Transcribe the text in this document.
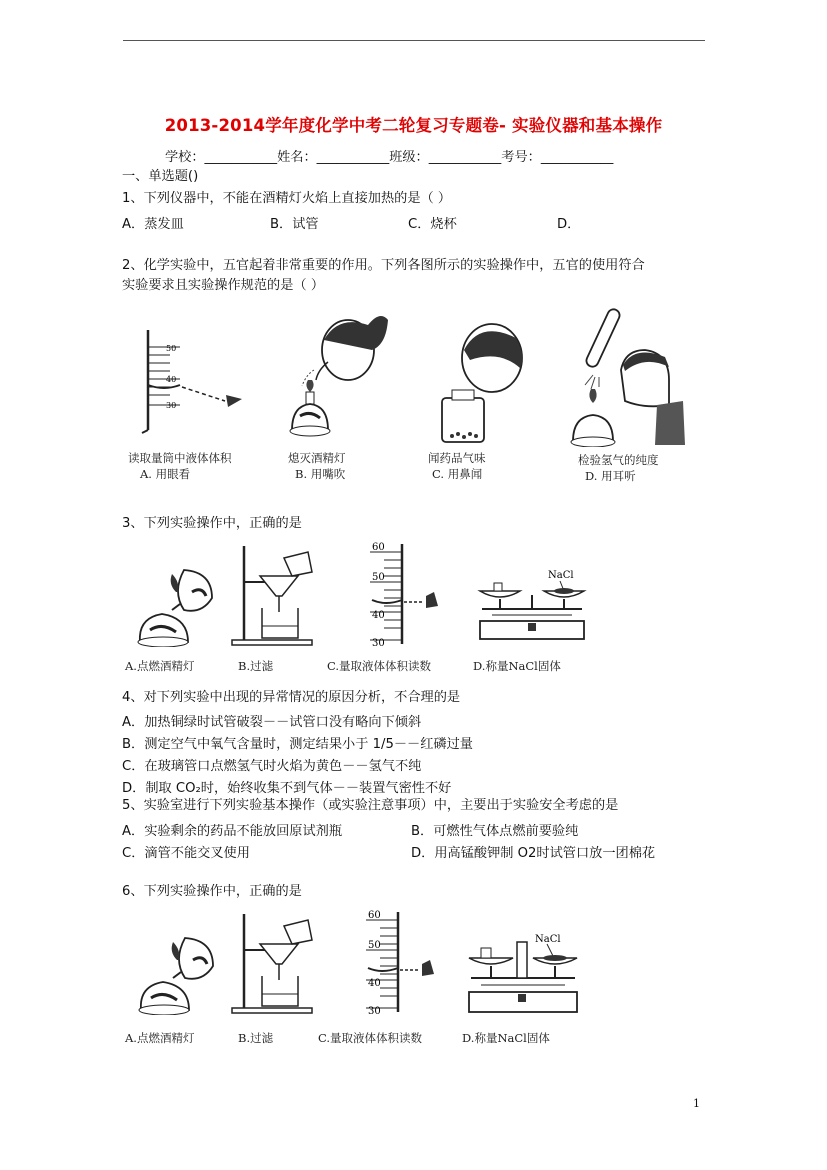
2013-2014学年度化学中考二轮复习专题卷- 实验仪器和基本操作
学校：___________姓名：___________班级：___________考号：___________
一、单选题()
1、下列仪器中，不能在酒精灯火焰上直接加热的是（ ）
A．蒸发皿	B．试管	C．烧杯	D．
2、化学实验中，五官起着非常重要的作用。下列各图所示的实验操作中，五官的使用符合
实验要求且实验操作规范的是（ ）
50
40
30
读取量筒中液体体积
A. 用眼看
熄灭酒精灯
B. 用嘴吹
闻药品气味
C. 用鼻闻
检验氢气的纯度
D. 用耳听
3、下列实验操作中，正确的是
A.点燃酒精灯	B.过滤
60
50
40
30
C.量取液体体积读数
NaCl
D.称量NaCl固体
4、对下列实验中出现的异常情况的原因分析，不合理的是
A．加热铜绿时试管破裂－－试管口没有略向下倾斜
B．测定空气中氧气含量时，测定结果小于 1/5－－红磷过量
C．在玻璃管口点燃氢气时火焰为黄色－－氢气不纯
D．制取 CO₂时，始终收集不到气体－－装置气密性不好
5、实验室进行下列实验基本操作（或实验注意事项）中，主要出于实验安全考虑的是
A．实验剩余的药品不能放回原试剂瓶	B．可燃性气体点燃前要验纯
C．滴管不能交叉使用	D．用高锰酸钾制 O2时试管口放一团棉花
6、下列实验操作中，正确的是
A.点燃酒精灯	B.过滤
60
50
40
30
C.量取液体体积读数
NaCl
D.称量NaCl固体
1
